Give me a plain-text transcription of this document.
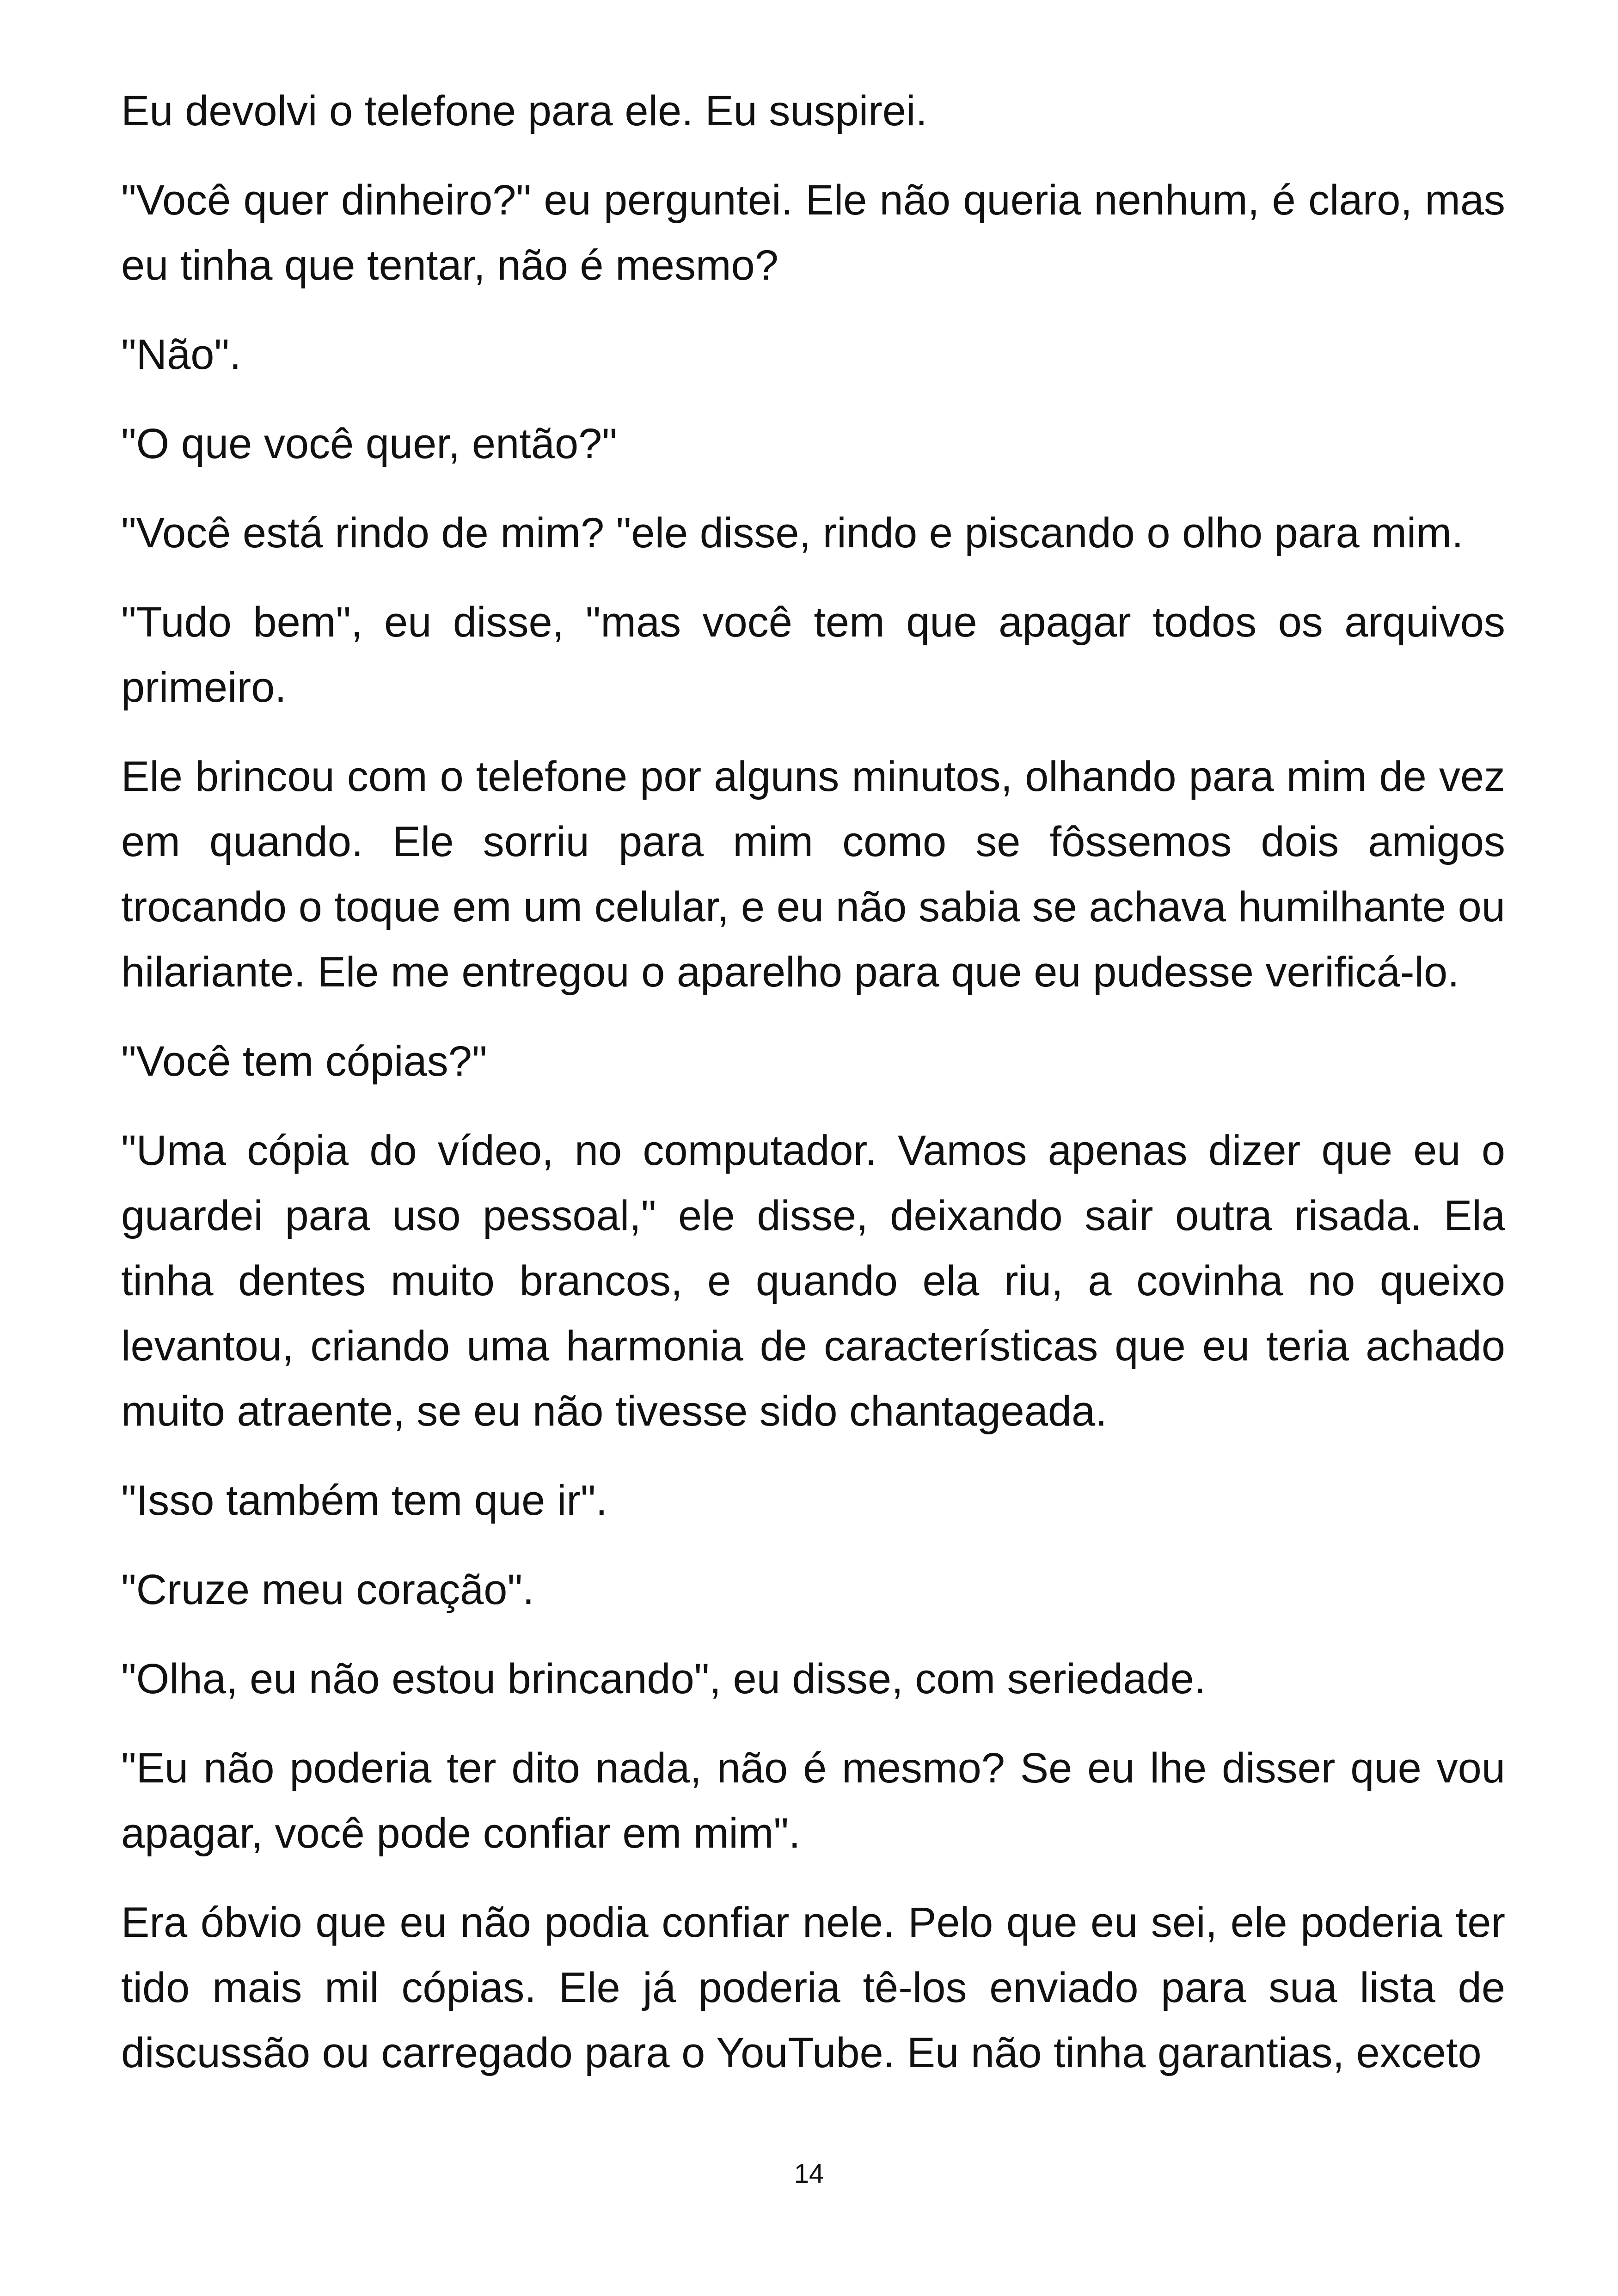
Eu devolvi o telefone para ele. Eu suspirei.

"Você quer dinheiro?" eu perguntei. Ele não queria nenhum, é claro, mas eu tinha que tentar, não é mesmo?

"Não".

"O que você quer, então?"

"Você está rindo de mim? "ele disse, rindo e piscando o olho para mim.

"Tudo bem", eu disse, "mas você tem que apagar todos os arquivos primeiro.

Ele brincou com o telefone por alguns minutos, olhando para mim de vez em quando. Ele sorriu para mim como se fôssemos dois amigos trocando o toque em um celular, e eu não sabia se achava humilhante ou hilariante. Ele me entregou o aparelho para que eu pudesse verificá-lo.

"Você tem cópias?"

"Uma cópia do vídeo, no computador. Vamos apenas dizer que eu o guardei para uso pessoal," ele disse, deixando sair outra risada. Ela tinha dentes muito brancos, e quando ela riu, a covinha no queixo levantou, criando uma harmonia de características que eu teria achado muito atraente, se eu não tivesse sido chantageada.

"Isso também tem que ir".

"Cruze meu coração".

"Olha, eu não estou brincando", eu disse, com seriedade.

"Eu não poderia ter dito nada, não é mesmo? Se eu lhe disser que vou apagar, você pode confiar em mim".

Era óbvio que eu não podia confiar nele. Pelo que eu sei, ele poderia ter tido mais mil cópias. Ele já poderia tê-los enviado para sua lista de discussão ou carregado para o YouTube. Eu não tinha garantias, exceto

14
